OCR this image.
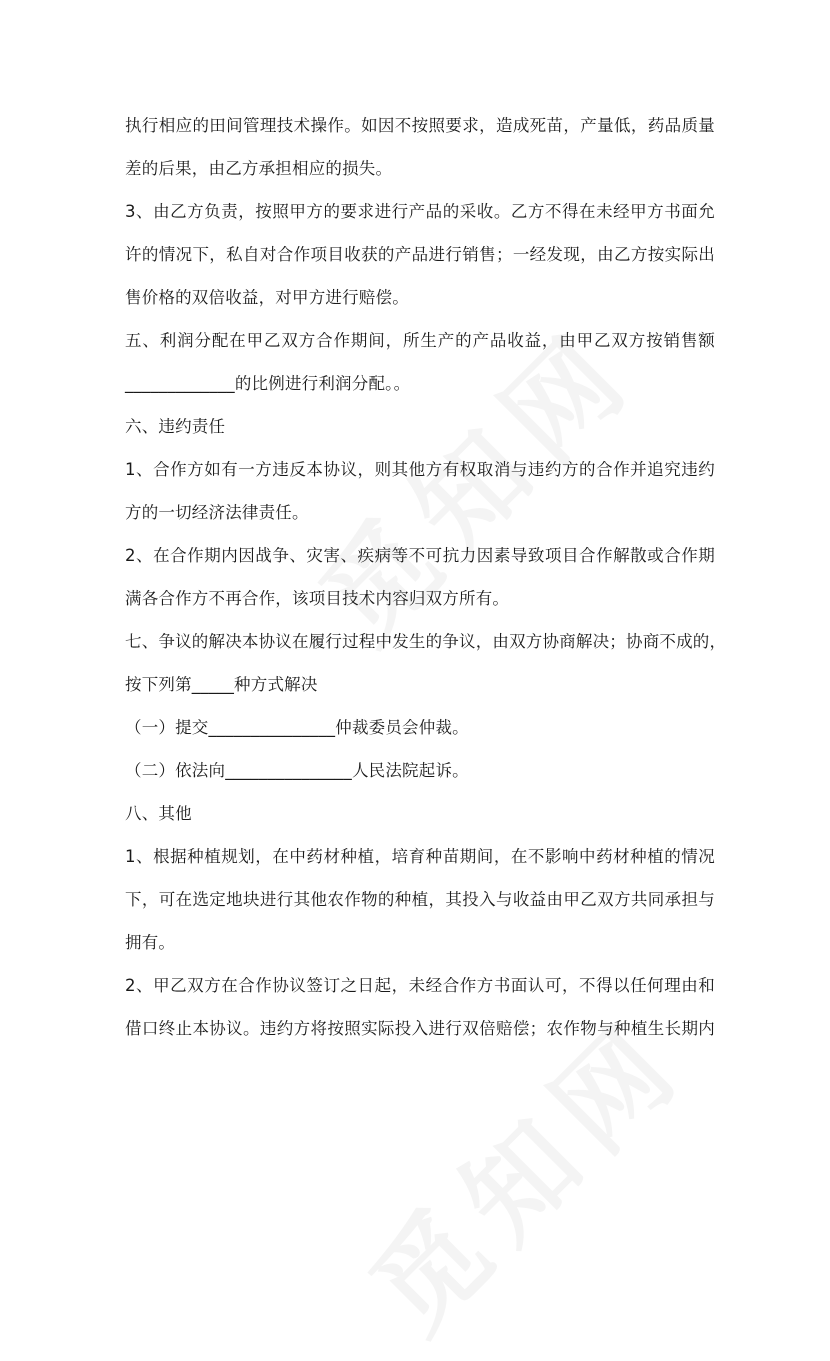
执行相应的田间管理技术操作。如因不按照要求，造成死苗，产量低，药品质量
差的后果，由乙方承担相应的损失。
3、由乙方负责，按照甲方的要求进行产品的采收。乙方不得在未经甲方书面允
许的情况下，私自对合作项目收获的产品进行销售；一经发现，由乙方按实际出
售价格的双倍收益，对甲方进行赔偿。
五、利润分配在甲乙双方合作期间，所生产的产品收益，由甲乙双方按销售额
_____________的比例进行利润分配。。
六、违约责任
1、合作方如有一方违反本协议，则其他方有权取消与违约方的合作并追究违约
方的一切经济法律责任。
2、在合作期内因战争、灾害、疾病等不可抗力因素导致项目合作解散或合作期
满各合作方不再合作，该项目技术内容归双方所有。
七、争议的解决本协议在履行过程中发生的争议，由双方协商解决；协商不成的，
按下列第_____种方式解决
（一）提交_______________仲裁委员会仲裁。
（二）依法向_______________人民法院起诉。
八、其他
1、根据种植规划，在中药材种植，培育种苗期间，在不影响中药材种植的情况
下，可在选定地块进行其他农作物的种植，其投入与收益由甲乙双方共同承担与
拥有。
2、甲乙双方在合作协议签订之日起，未经合作方书面认可，不得以任何理由和
借口终止本协议。违约方将按照实际投入进行双倍赔偿；农作物与种植生长期内
